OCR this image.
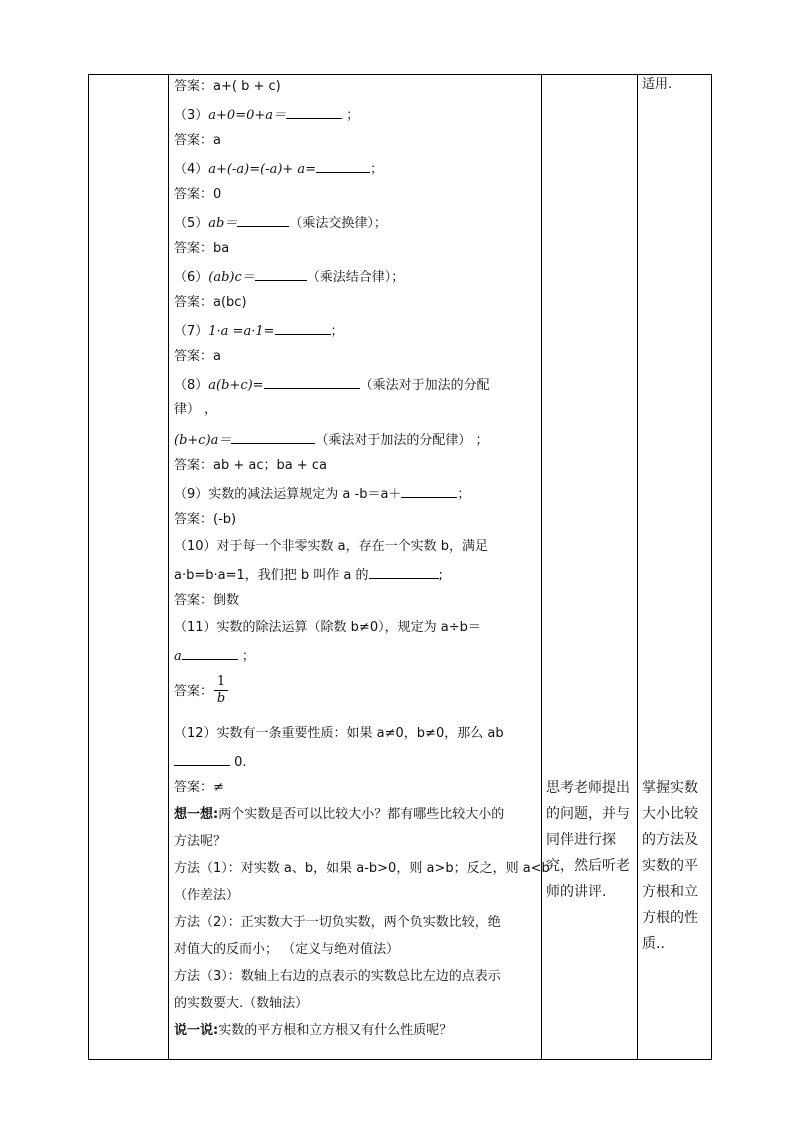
答案：a+( b + c)
（3）a+0=0+a＝	；
答案：a
（4）a+(-a)=(-a)+ a=	；
答案：0
（5）ab＝	（乘法交换律）；
答案：ba
（6）(ab)c＝	（乘法结合律）；
答案：a(bc)
（7）1·a =a·1=	；
答案：a
（8）a(b+c)=	（乘法对于加法的分配
律） ，
(b+c)a＝	（乘法对于加法的分配律） ；
答案：ab + ac；ba + ca
（9）实数的减法运算规定为 a -b＝a＋	；
答案：(-b)
（10）对于每一个非零实数 a，存在一个实数 b，满足
a·b=b·a=1，我们把 b 叫作 a 的	;
答案：倒数
（11）实数的除法运算（除数 b≠0），规定为 a÷b＝
a	；
答案：
1
b
（12）实数有一条重要性质：如果 a≠0，b≠0，那么 ab
0.
答案：≠
想一想:两个实数是否可以比较大小？都有哪些比较大小的
方法呢？
方法（1）：对实数 a、b，如果 a-b>0，则 a>b；反之，则 a<b
（作差法）
方法（2）：正实数大于一切负实数，两个负实数比较，绝
对值大的反而小； （定义与绝对值法）
方法（3）：数轴上右边的点表示的实数总比左边的点表示
的实数要大.（数轴法）
说一说:实数的平方根和立方根又有什么性质呢？

思考老师提出的问题，并与同伴进行探究，然后听老师的讲评.

适用.
掌握实数大小比较的方法及实数的平方根和立方根的性质..
